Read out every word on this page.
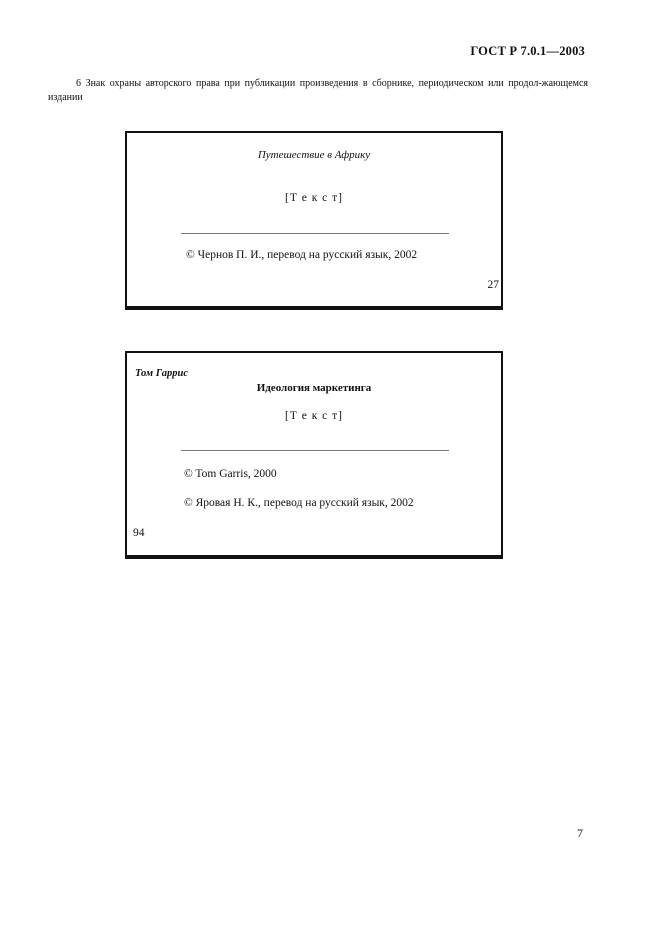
ГОСТ Р 7.0.1—2003
6 Знак охраны авторского права при публикации произведения в сборнике, периодическом или продол-жающемся издании
Путешествие в Африку
[Т е к с т]
© Чернов П. И., перевод на русский язык, 2002
27
Том Гаррис
Идеология маркетинга
[Т е к с т]
© Tom Garris, 2000
© Яровая Н. К., перевод на русский язык, 2002
94
7
